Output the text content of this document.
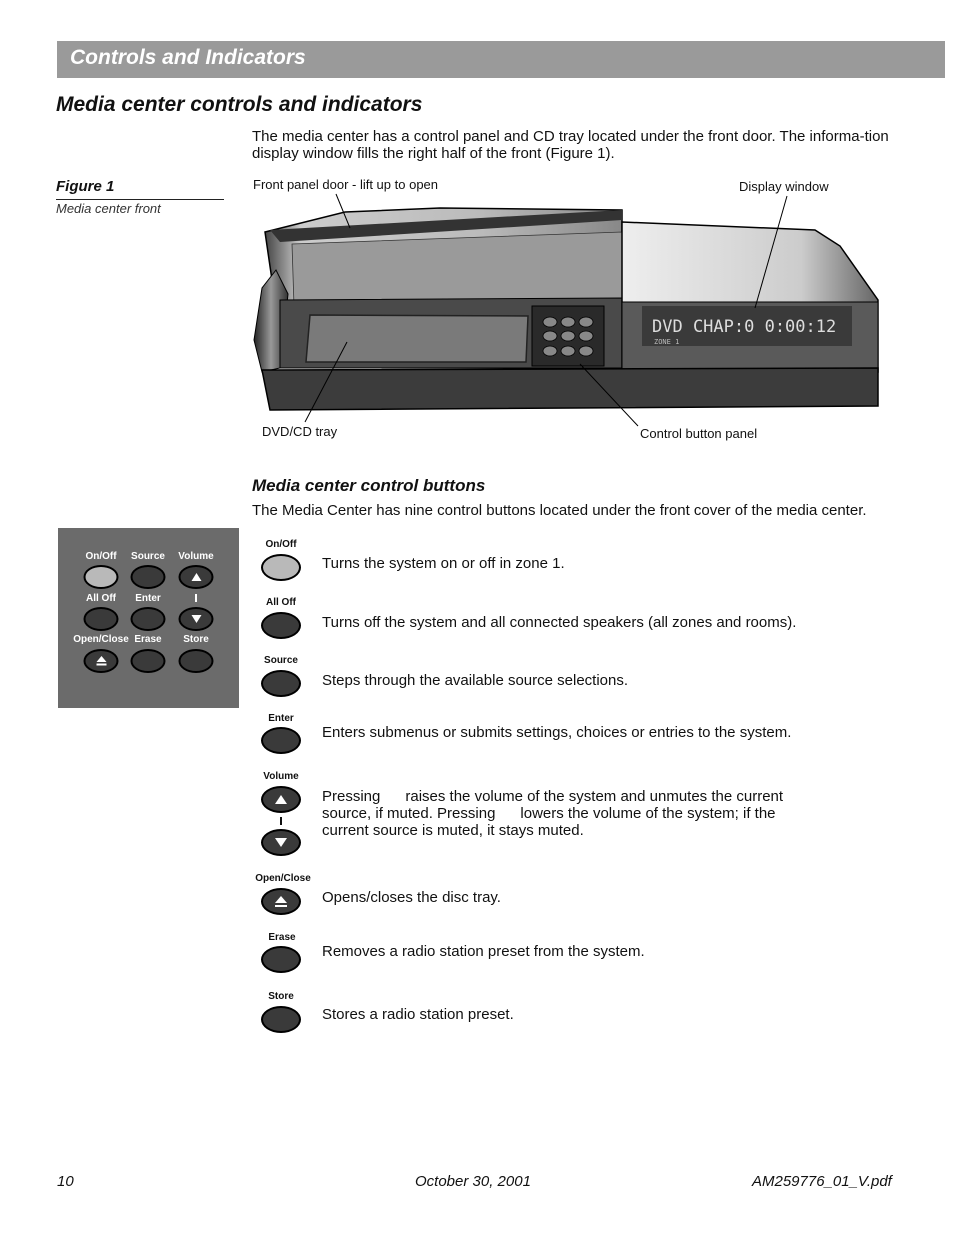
Controls and Indicators
Media center controls and indicators
The media center has a control panel and CD tray located under the front door. The informa-tion display window fills the right half of the front (Figure 1).
Figure 1
Media center front
DVD CHAP:0 0:00:12
ZONE 1
Front panel door - lift up to open	Display window
DVD/CD tray	Control button panel
Media center control buttons
The Media Center has nine control buttons located under the front cover of the media center.
On/Off Source Volume
All Off Enter
Open/Close Erase Store
On/Off
Turns the system on or off in zone 1.
All Off
Turns off the system and all connected speakers (all zones and rooms).
Source
Steps through the available source selections.
Enter
Enters submenus or submits settings, choices or entries to the system.
Volume
Pressing      raises the volume of the system and unmutes the current
source, if muted. Pressing      lowers the volume of the system; if the
current source is muted, it stays muted.
Open/Close
Opens/closes the disc tray.
Erase
Removes a radio station preset from the system.
Store
Stores a radio station preset.
10	October 30, 2001	AM259776_01_V.pdf
